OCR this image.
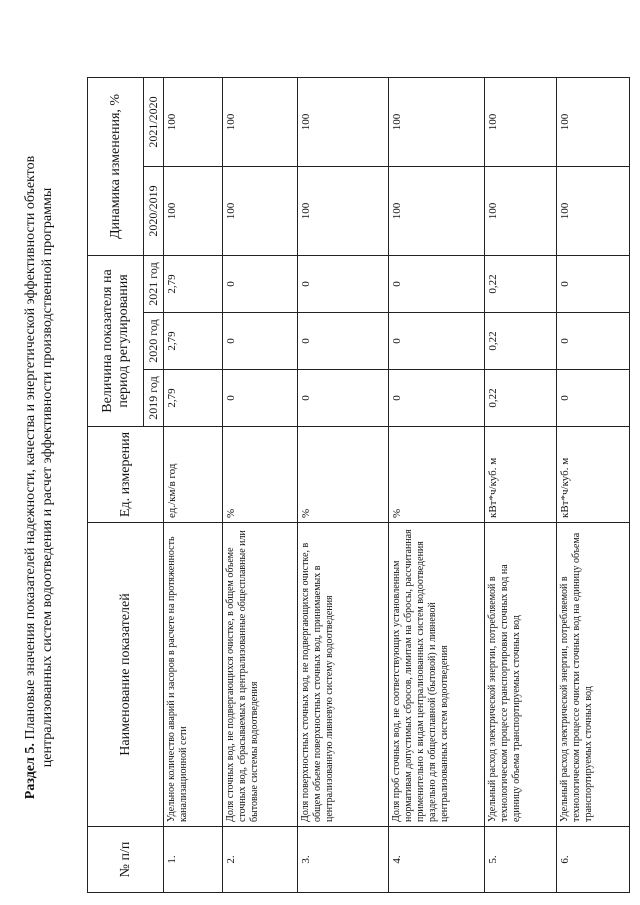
Раздел 5. Плановые значения показателей надежности, качества и энергетической эффективности объектов централизованных систем водоотведения и расчет эффективности производственной программы
№ п/п	Наименование показателей	Ед. измерения	Величина показателя на период регулирования			Динамика изменения, %	
			2019 год	2020 год	2021 год	2020/2019	2021/2020
1.	Удельное количество аварий и засоров в расчете на протяженность канализационной сети	ед./км/в год	2,79	2,79	2,79	100	100
2.	Доля сточных вод, не подвергающихся очистке, в общем объеме сточных вод, сбрасываемых в централизованные общесплавные или бытовые системы водоотведения	%	0	0	0	100	100
3.	Доля поверхностных сточных вод, не подвергающихся очистке, в общем объеме поверхностных сточных вод, принимаемых в централизованную ливневую систему водоотведения	%	0	0	0	100	100
4.	Доля проб сточных вод, не соответствующих установленным нормативам допустимых сбросов, лимитам на сбросы, рассчитанная применительно к видам централизованных систем водоотведения раздельно для общесплавной (бытовой) и ливневой централизованных систем водоотведения	%	0	0	0	100	100
5.	Удельный расход электрической энергии, потребляемой в технологическом процессе транспортировки сточных вод на единицу объема транспортируемых сточных вод	кВт*ч/куб. м	0,22	0,22	0,22	100	100
6.	Удельный расход электрической энергии, потребляемой в технологическом процессе очистки сточных вод на единицу объема транспортируемых сточных вод	кВт*ч/куб. м	0	0	0	100	100
